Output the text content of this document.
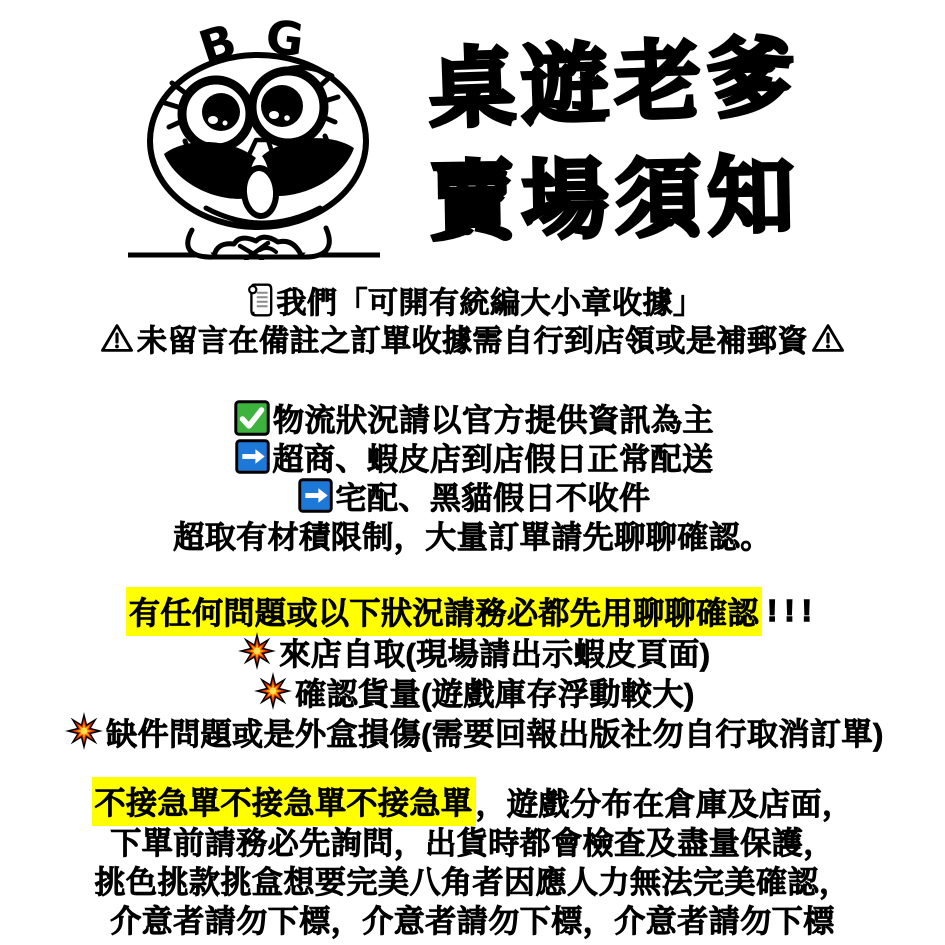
B G	桌遊老爹
賣場須知
我們「可開有統編大小章收據」
未留言在備註之訂單收據需自行到店領或是補郵資
物流狀況請以官方提供資訊為主
超商、蝦皮店到店假日正常配送
宅配、黑貓假日不收件
超取有材積限制，大量訂單請先聊聊確認。
有任何問題或以下狀況請務必都先用聊聊確認 !!!
來店自取(現場請出示蝦皮頁面)
確認貨量(遊戲庫存浮動較大)
缺件問題或是外盒損傷(需要回報出版社勿自行取消訂單)
不接急單不接急單不接急單 ，遊戲分布在倉庫及店面，
下單前請務必先詢問，出貨時都會檢查及盡量保護，
挑色挑款挑盒想要完美八角者因應人力無法完美確認，
介意者請勿下標，介意者請勿下標，介意者請勿下標
